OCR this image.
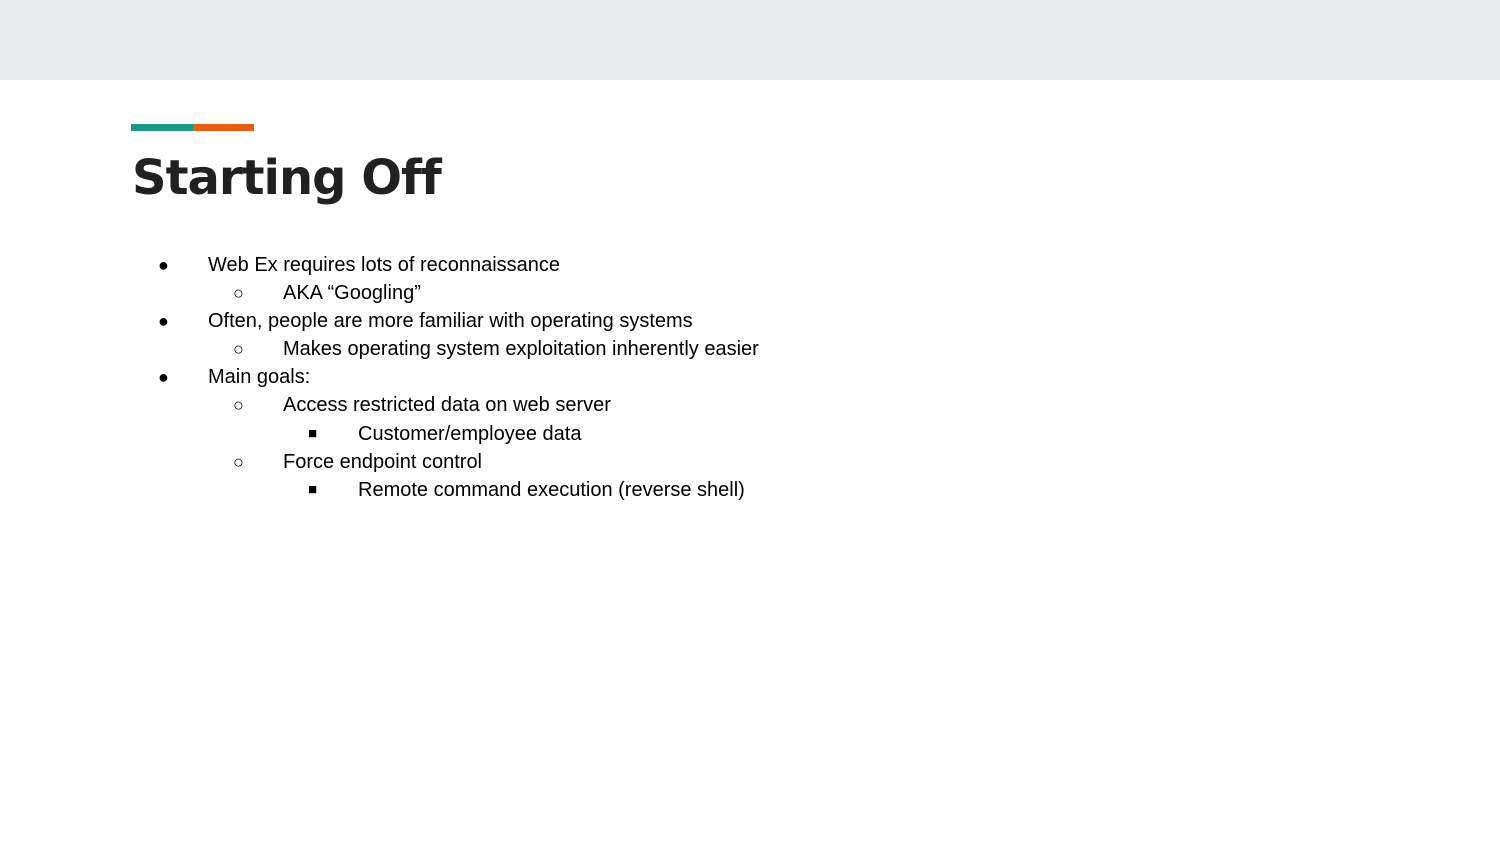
Starting Off
● Web Ex requires lots of reconnaissance
○ AKA “Googling”
● Often, people are more familiar with operating systems
○ Makes operating system exploitation inherently easier
● Main goals:
○ Access restricted data on web server
■ Customer/employee data
○ Force endpoint control
■ Remote command execution (reverse shell)
